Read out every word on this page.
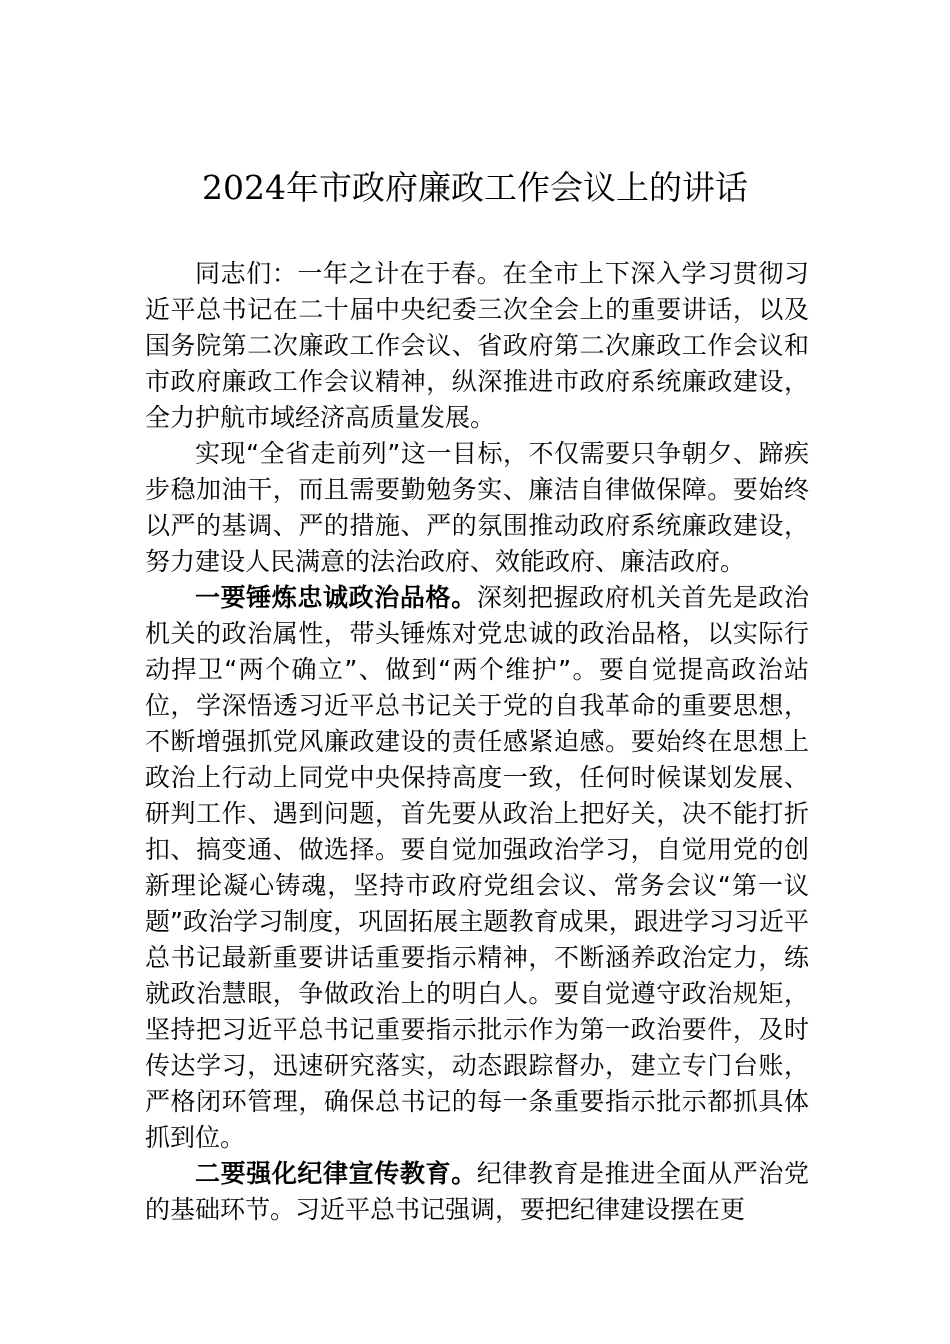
2024年市政府廉政工作会议上的讲话

同志们：一年之计在于春。在全市上下深入学习贯彻习近平总书记在二十届中央纪委三次全会上的重要讲话，以及国务院第二次廉政工作会议、省政府第二次廉政工作会议和市政府廉政工作会议精神，纵深推进市政府系统廉政建设，全力护航市域经济高质量发展。

实现“全省走前列”这一目标，不仅需要只争朝夕、蹄疾步稳加油干，而且需要勤勉务实、廉洁自律做保障。要始终以严的基调、严的措施、严的氛围推动政府系统廉政建设，努力建设人民满意的法治政府、效能政府、廉洁政府。

一要锤炼忠诚政治品格。深刻把握政府机关首先是政治机关的政治属性，带头锤炼对党忠诚的政治品格，以实际行动捍卫“两个确立”、做到“两个维护”。要自觉提高政治站位，学深悟透习近平总书记关于党的自我革命的重要思想，不断增强抓党风廉政建设的责任感紧迫感。要始终在思想上政治上行动上同党中央保持高度一致，任何时候谋划发展、研判工作、遇到问题，首先要从政治上把好关，决不能打折扣、搞变通、做选择。要自觉加强政治学习，自觉用党的创新理论凝心铸魂，坚持市政府党组会议、常务会议“第一议题”政治学习制度，巩固拓展主题教育成果，跟进学习习近平总书记最新重要讲话重要指示精神，不断涵养政治定力，练就政治慧眼，争做政治上的明白人。要自觉遵守政治规矩，坚持把习近平总书记重要指示批示作为第一政治要件，及时传达学习，迅速研究落实，动态跟踪督办，建立专门台账，严格闭环管理，确保总书记的每一条重要指示批示都抓具体抓到位。

二要强化纪律宣传教育。纪律教育是推进全面从严治党的基础环节。习近平总书记强调，要把纪律建设摆在更
